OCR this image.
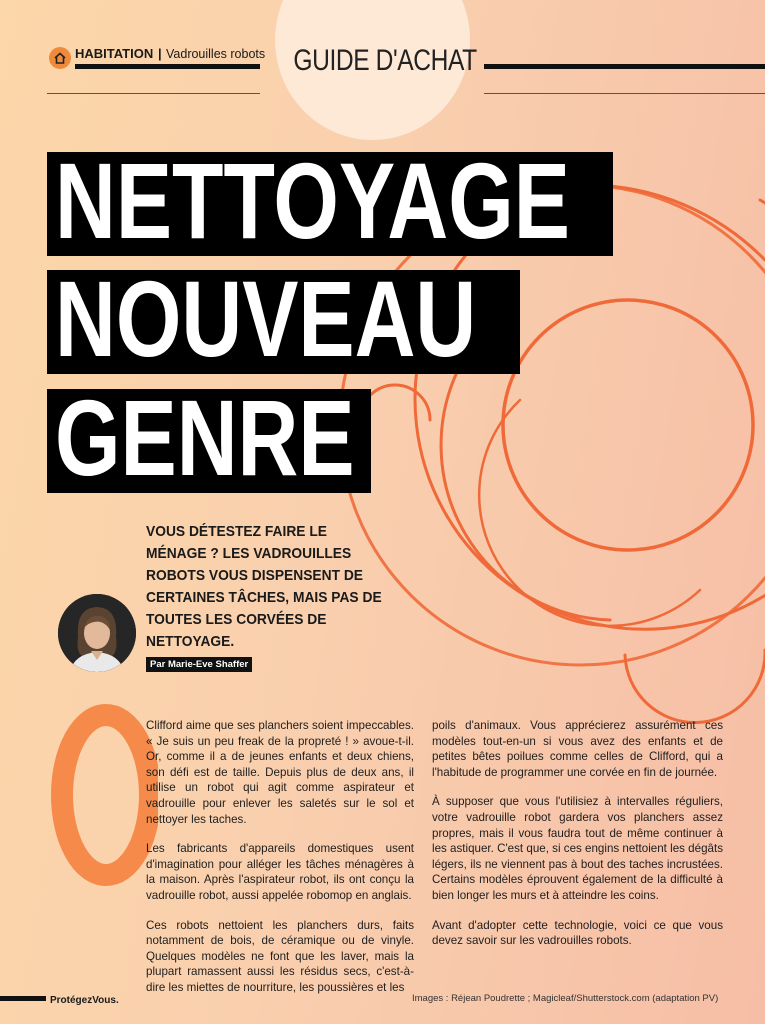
HABITATION | Vadrouilles robots GUIDE D'ACHAT
NETTOYAGE
NOUVEAU
GENRE
VOUS DÉTESTEZ FAIRE LE MÉNAGE ? LES VADROUILLES ROBOTS VOUS DISPENSENT DE CERTAINES TÂCHES, MAIS PAS DE TOUTES LES CORVÉES DE NETTOYAGE.
Par Marie-Eve Shaffer

Clifford aime que ses planchers soient impeccables. « Je suis un peu freak de la propreté ! » avoue-t-il. Or, comme il a de jeunes enfants et deux chiens, son défi est de taille. Depuis plus de deux ans, il utilise un robot qui agit comme aspirateur et vadrouille pour enlever les saletés sur le sol et nettoyer les taches.

Les fabricants d'appareils domestiques usent d'imagination pour alléger les tâches ménagères à la maison. Après l'aspirateur robot, ils ont conçu la vadrouille robot, aussi appelée robomop en anglais.

Ces robots nettoient les planchers durs, faits notamment de bois, de céramique ou de vinyle. Quelques modèles ne font que les laver, mais la plupart ramassent aussi les résidus secs, c'est-à-dire les miettes de nourriture, les poussières et les

poils d'animaux. Vous apprécierez assurément ces modèles tout-en-un si vous avez des enfants et de petites bêtes poilues comme celles de Clifford, qui a l'habitude de programmer une corvée en fin de journée.

À supposer que vous l'utilisiez à intervalles réguliers, votre vadrouille robot gardera vos planchers assez propres, mais il vous faudra tout de même continuer à les astiquer. C'est que, si ces engins nettoient les dégâts légers, ils ne viennent pas à bout des taches incrustées. Certains modèles éprouvent également de la difficulté à bien longer les murs et à atteindre les coins.

Avant d'adopter cette technologie, voici ce que vous devez savoir sur les vadrouilles robots.

ProtégezVous.	Images : Réjean Poudrette ; Magicleaf/Shutterstock.com (adaptation PV)
